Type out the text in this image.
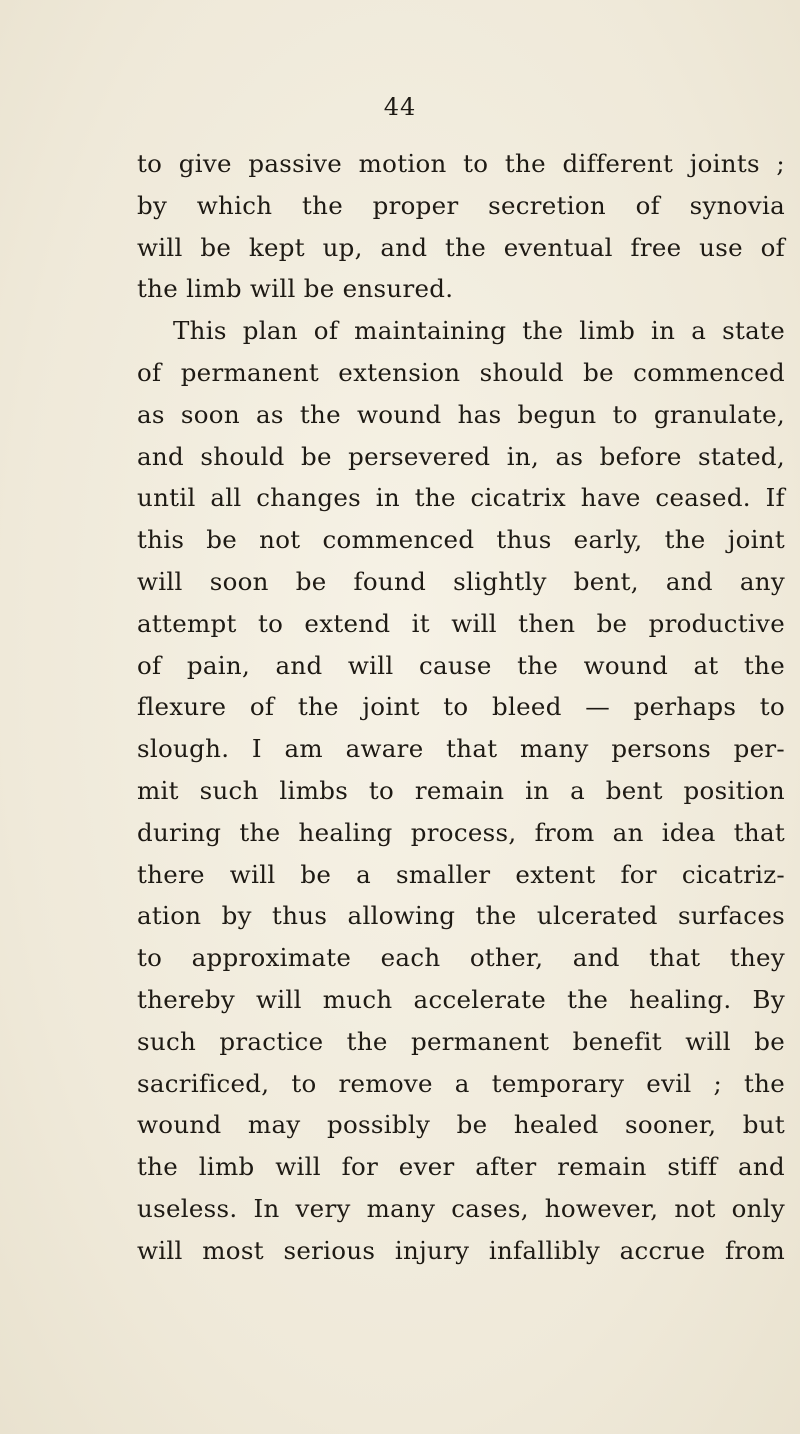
44
to give passive motion to the different joints ;
by which the proper secretion of synovia
will be kept up, and the eventual free use of
the limb will be ensured.
This plan of maintaining the limb in a state
of permanent extension should be commenced
as soon as the wound has begun to granulate,
and should be persevered in, as before stated,
until all changes in the cicatrix have ceased. If
this be not commenced thus early, the joint
will soon be found slightly bent, and any
attempt to extend it will then be productive
of pain, and will cause the wound at the
flexure of the joint to bleed — perhaps to
slough. I am aware that many persons per-
mit such limbs to remain in a bent position
during the healing process, from an idea that
there will be a smaller extent for cicatriz-
ation by thus allowing the ulcerated surfaces
to approximate each other, and that they
thereby will much accelerate the healing. By
such practice the permanent benefit will be
sacrificed, to remove a temporary evil ; the
wound may possibly be healed sooner, but
the limb will for ever after remain stiff and
useless. In very many cases, however, not only
will most serious injury infallibly accrue from
